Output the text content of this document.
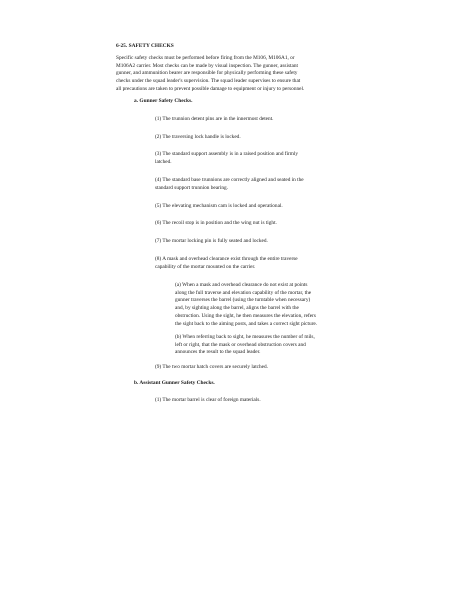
6-25. SAFETY CHECKS
Specific safety checks must be performed before firing from the M106, M106A1, or
M106A2 carrier. Most checks can be made by visual inspection. The gunner, assistant
gunner, and ammunition bearer are responsible for physically performing these safety
checks under the squad leader's supervision. The squad leader supervises to ensure that
all precautions are taken to prevent possible damage to equipment or injury to personnel.
a. Gunner Safety Checks.
(1) The trunnion detent pins are in the innermost detent.
(2) The traversing lock handle is locked.
(3) The standard support assembly is in a raised position and firmly
latched.
(4) The standard base trunnions are correctly aligned and seated in the
standard support trunnion bearing.
(5) The elevating mechanism cam is locked and operational.
(6) The recoil stop is in position and the wing nut is tight.
(7) The mortar locking pin is fully seated and locked.
(8) A mask and overhead clearance exist through the entire traverse
capability of the mortar mounted on the carrier.
(a) When a mask and overhead clearance do not exist at points
along the full traverse and elevation capability of the mortar, the
gunner traverses the barrel (using the turntable when necessary)
and, by sighting along the barrel, aligns the barrel with the
obstruction. Using the sight, he then measures the elevation, refers
the sight back to the aiming posts, and takes a correct sight picture.
(b) When referring back to sight, he measures the number of mils,
left or right, that the mask or overhead obstruction covers and
announces the result to the squad leader.
(9) The two mortar hatch covers are securely latched.
b. Assistant Gunner Safety Checks.
(1) The mortar barrel is clear of foreign materials.
